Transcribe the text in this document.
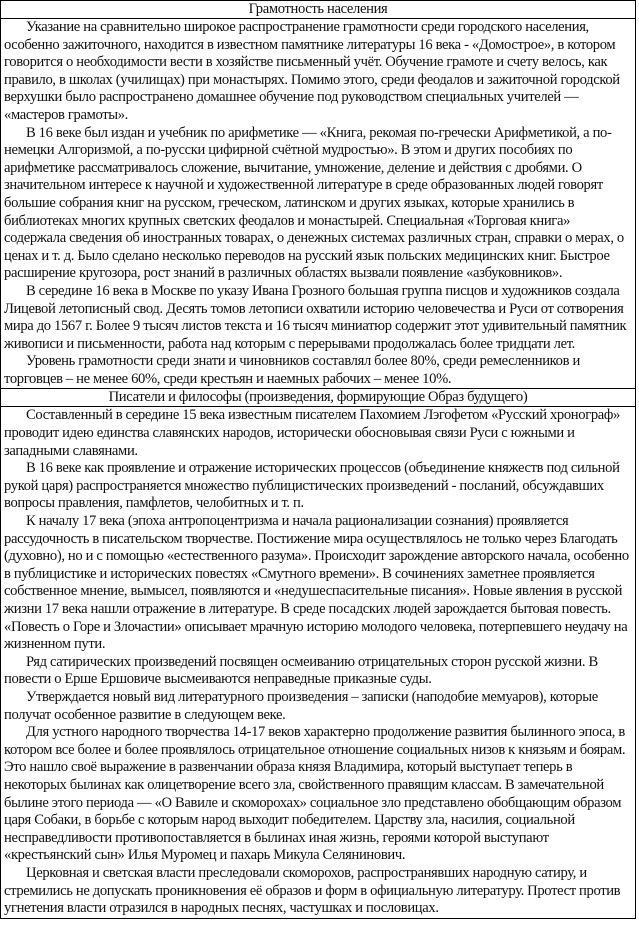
Грамотность населения

Указание на сравнительно широкое распространение грамотности среди городского населения, особенно зажиточного, находится в известном памятнике литературы 16 века - «Домострое», в котором говорится о необходимости вести в хозяйстве письменный учёт. Обучение грамоте и счету велось, как правило, в школах (училищах) при монастырях. Помимо этого, среди феодалов и зажиточной городской верхушки было распространено домашнее обучение под руководством специальных учителей — «мастеров грамоты».

В 16 веке был издан и учебник по арифметике — «Книга, рекомая по-гречески Арифметикой, а по-немецки Алгоризмой, а по-русски цифирной счётной мудростью». В этом и других пособиях по арифметике рассматривалось сложение, вычитание, умножение, деление и действия с дробями. О значительном интересе к научной и художественной литературе в среде образованных людей говорят большие собрания книг на русском, греческом, латинском и других языках, которые хранились в библиотеках многих крупных светских феодалов и монастырей. Специальная «Торговая книга» содержала сведения об иностранных товарах, о денежных системах различных стран, справки о мерах, о ценах и т. д. Было сделано несколько переводов на русский язык польских медицинских книг. Быстрое расширение кругозора, рост знаний в различных областях вызвали появление «азбуковников».

В середине 16 века в Москве по указу Ивана Грозного большая группа писцов и художников создала Лицевой летописный свод. Десять томов летописи охватили историю человечества и Руси от сотворения мира до 1567 г. Более 9 тысяч листов текста и 16 тысяч миниатюр содержит этот удивительный памятник живописи и письменности, работа над которым с перерывами продолжалась более тридцати лет.

Уровень грамотности среди знати и чиновников составлял более 80%, среди ремесленников и торговцев – не менее 60%, среди крестьян и наемных рабочих – менее 10%.

Писатели и философы (произведения, формирующие Образ будущего)

Составленный в середине 15 века известным писателем Пахомием Лэгофетом «Русский хронограф» проводит идею единства славянских народов, исторически обосновывая связи Руси с южными и западными славянами.

В 16 веке как проявление и отражение исторических процессов (объединение княжеств под сильной рукой царя) распространяется множество публицистических произведений - посланий, обсуждавших вопросы правления, памфлетов, челобитных и т. п.

К началу 17 века (эпоха антропоцентризма и начала рационализации сознания) проявляется рассудочность в писательском творчестве. Постижение мира осуществлялось не только через Благодать (духовно), но и с помощью «естественного разума». Происходит зарождение авторского начала, особенно в публицистике и исторических повестях «Смутного времени». В сочинениях заметнее проявляется собственное мнение, вымысел, появляются и «недушеспасительные писания». Новые явления в русской жизни 17 века нашли отражение в литературе. В среде посадских людей зарождается бытовая повесть. «Повесть о Горе и Злочастии» описывает мрачную историю молодого человека, потерпевшего неудачу на жизненном пути.

Ряд сатирических произведений посвящен осмеиванию отрицательных сторон русской жизни. В повести о Ерше Ершовиче высмеиваются неправедные приказные суды.

Утверждается новый вид литературного произведения – записки (наподобие мемуаров), которые получат особенное развитие в следующем веке.

Для устного народного творчества 14-17 веков характерно продолжение развития былинного эпоса, в котором все более и более проявлялось отрицательное отношение социальных низов к князьям и боярам. Это нашло своё выражение в развенчании образа князя Владимира, который выступает теперь в некоторых былинах как олицетворение всего зла, свойственного правящим классам. В замечательной былине этого периода — «О Вавиле и скоморохах» социальное зло представлено обобщающим образом царя Собаки, в борьбе с которым народ выходит победителем. Царству зла, насилия, социальной несправедливости противопоставляется в былинах иная жизнь, героями которой выступают «крестьянский сын» Илья Муромец и пахарь Микула Селянинович.

Церковная и светская власти преследовали скоморохов, распространявших народную сатиру, и стремились не допускать проникновения её образов и форм в официальную литературу. Протест против угнетения власти отразился в народных песнях, частушках и пословицах.
